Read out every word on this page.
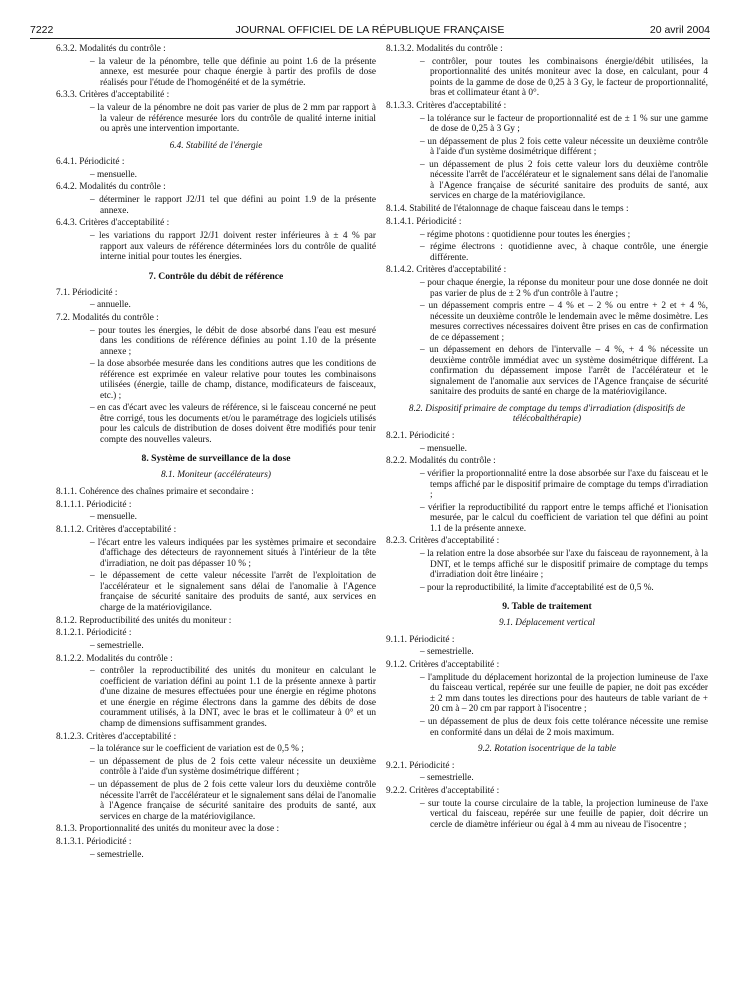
7222	JOURNAL OFFICIEL DE LA RÉPUBLIQUE FRANÇAISE	20 avril 2004

6.3.2. Modalités du contrôle :

– la valeur de la pénombre, telle que définie au point 1.6 de la présente annexe, est mesurée pour chaque énergie à partir des profils de dose réalisés pour l'étude de l'homogénéité et de la symétrie.

6.3.3. Critères d'acceptabilité :

– la valeur de la pénombre ne doit pas varier de plus de 2 mm par rapport à la valeur de référence mesurée lors du contrôle de qualité interne initial ou après une intervention importante.

6.4. Stabilité de l'énergie

6.4.1. Périodicité :

– mensuelle.

6.4.2. Modalités du contrôle :

– déterminer le rapport J2/J1 tel que défini au point 1.9 de la présente annexe.

6.4.3. Critères d'acceptabilité :

– les variations du rapport J2/J1 doivent rester inférieures à ± 4 % par rapport aux valeurs de référence déterminées lors du contrôle de qualité interne initial pour toutes les énergies.

7. Contrôle du débit de référence

7.1. Périodicité :

– annuelle.

7.2. Modalités du contrôle :

– pour toutes les énergies, le débit de dose absorbé dans l'eau est mesuré dans les conditions de référence définies au point 1.10 de la présente annexe ;

– la dose absorbée mesurée dans les conditions autres que les conditions de référence est exprimée en valeur relative pour toutes les combinaisons utilisées (énergie, taille de champ, distance, modificateurs de faisceaux, etc.) ;

– en cas d'écart avec les valeurs de référence, si le faisceau concerné ne peut être corrigé, tous les documents et/ou le paramétrage des logiciels utilisés pour les calculs de distribution de doses doivent être modifiés pour tenir compte des nouvelles valeurs.

8. Système de surveillance de la dose
8.1. Moniteur (accélérateurs)

8.1.1. Cohérence des chaînes primaire et secondaire :

8.1.1.1. Périodicité :

– mensuelle.

8.1.1.2. Critères d'acceptabilité :

– l'écart entre les valeurs indiquées par les systèmes primaire et secondaire d'affichage des détecteurs de rayonnement situés à l'intérieur de la tête d'irradiation, ne doit pas dépasser 10 % ;

– le dépassement de cette valeur nécessite l'arrêt de l'exploitation de l'accélérateur et le signalement sans délai de l'anomalie à l'Agence française de sécurité sanitaire des produits de santé, aux services en charge de la matériovigilance.

8.1.2. Reproductibilité des unités du moniteur :

8.1.2.1. Périodicité :

– semestrielle.

8.1.2.2. Modalités du contrôle :

– contrôler la reproductibilité des unités du moniteur en calculant le coefficient de variation défini au point 1.1 de la présente annexe à partir d'une dizaine de mesures effectuées pour une énergie en régime photons et une énergie en régime électrons dans la gamme des débits de dose couramment utilisés, à la DNT, avec le bras et le collimateur à 0° et un champ de dimensions suffisamment grandes.

8.1.2.3. Critères d'acceptabilité :

– la tolérance sur le coefficient de variation est de 0,5 % ;

– un dépassement de plus de 2 fois cette valeur nécessite un deuxième contrôle à l'aide d'un système dosimétrique différent ;

– un dépassement de plus de 2 fois cette valeur lors du deuxième contrôle nécessite l'arrêt de l'accélérateur et le signalement sans délai de l'anomalie à l'Agence française de sécurité sanitaire des produits de santé, aux services en charge de la matériovigilance.

8.1.3. Proportionnalité des unités du moniteur avec la dose :

8.1.3.1. Périodicité :

– semestrielle.

8.1.3.2. Modalités du contrôle :

– contrôler, pour toutes les combinaisons énergie/débit utilisées, la proportionnalité des unités moniteur avec la dose, en calculant, pour 4 points de la gamme de dose de 0,25 à 3 Gy, le facteur de proportionnalité, bras et collimateur étant à 0°.

8.1.3.3. Critères d'acceptabilité :

– la tolérance sur le facteur de proportionnalité est de ± 1 % sur une gamme de dose de 0,25 à 3 Gy ;

– un dépassement de plus 2 fois cette valeur nécessite un deuxième contrôle à l'aide d'un système dosimétrique différent ;

– un dépassement de plus 2 fois cette valeur lors du deuxième contrôle nécessite l'arrêt de l'accélérateur et le signalement sans délai de l'anomalie à l'Agence française de sécurité sanitaire des produits de santé, aux services en charge de la matériovigilance.

8.1.4. Stabilité de l'étalonnage de chaque faisceau dans le temps :

8.1.4.1. Périodicité :

– régime photons : quotidienne pour toutes les énergies ;

– régime électrons : quotidienne avec, à chaque contrôle, une énergie différente.

8.1.4.2. Critères d'acceptabilité :

– pour chaque énergie, la réponse du moniteur pour une dose donnée ne doit pas varier de plus de ± 2 % d'un contrôle à l'autre ;

– un dépassement compris entre – 4 % et – 2 % ou entre + 2 et + 4 %, nécessite un deuxième contrôle le lendemain avec le même dosimètre. Les mesures correctives nécessaires doivent être prises en cas de confirmation de ce dépassement ;

– un dépassement en dehors de l'intervalle – 4 %, + 4 % nécessite un deuxième contrôle immédiat avec un système dosimétrique différent. La confirmation du dépassement impose l'arrêt de l'accélérateur et le signalement de l'anomalie aux services de l'Agence française de sécurité sanitaire des produits de santé en charge de la matériovigilance.

8.2. Dispositif primaire de comptage du temps d'irradiation (dispositifs de télécobalthérapie)

8.2.1. Périodicité :

– mensuelle.

8.2.2. Modalités du contrôle :

– vérifier la proportionnalité entre la dose absorbée sur l'axe du faisceau et le temps affiché par le dispositif primaire de comptage du temps d'irradiation ;

– vérifier la reproductibilité du rapport entre le temps affiché et l'ionisation mesurée, par le calcul du coefficient de variation tel que défini au point 1.1 de la présente annexe.

8.2.3. Critères d'acceptabilité :

– la relation entre la dose absorbée sur l'axe du faisceau de rayonnement, à la DNT, et le temps affiché sur le dispositif primaire de comptage du temps d'irradiation doit être linéaire ;

– pour la reproductibilité, la limite d'acceptabilité est de 0,5 %.

9. Table de traitement
9.1. Déplacement vertical

9.1.1. Périodicité :

– semestrielle.

9.1.2. Critères d'acceptabilité :

– l'amplitude du déplacement horizontal de la projection lumineuse de l'axe du faisceau vertical, repérée sur une feuille de papier, ne doit pas excéder ± 2 mm dans toutes les directions pour des hauteurs de table variant de + 20 cm à – 20 cm par rapport à l'isocentre ;

– un dépassement de plus de deux fois cette tolérance nécessite une remise en conformité dans un délai de 2 mois maximum.

9.2. Rotation isocentrique de la table

9.2.1. Périodicité :

– semestrielle.

9.2.2. Critères d'acceptabilité :

– sur toute la course circulaire de la table, la projection lumineuse de l'axe vertical du faisceau, repérée sur une feuille de papier, doit décrire un cercle de diamètre inférieur ou égal à 4 mm au niveau de l'isocentre ;
